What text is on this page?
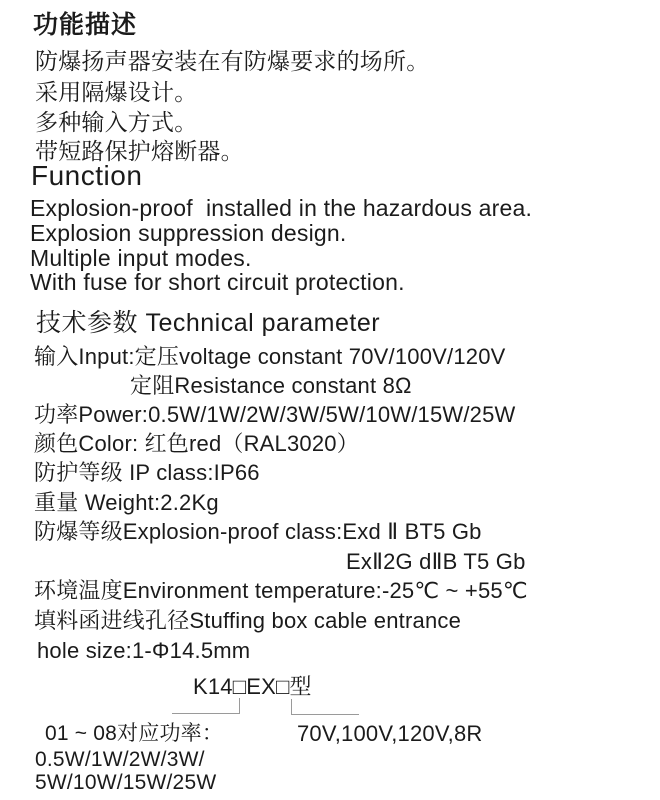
功能描述
防爆扬声器安装在有防爆要求的场所。
采用隔爆设计。
多种输入方式。
带短路保护熔断器。
Function
Explosion-proof  installed in the hazardous area.
Explosion suppression design.
Multiple input modes.
With fuse for short circuit protection.
技术参数 Technical parameter
输入Input:定压voltage constant 70V/100V/120V
定阻Resistance constant 8Ω
功率Power:0.5W/1W/2W/3W/5W/10W/15W/25W
颜色Color: 红色red（RAL3020）
防护等级 IP class:IP66
重量 Weight:2.2Kg
防爆等级Explosion-proof class:Exd Ⅱ BT5 Gb
ExⅡ2G dⅡB T5 Gb
环境温度Environment temperature:-25℃ ~ +55℃
填料函进线孔径Stuffing box cable entrance
hole size:1-Φ14.5mm
K14□EX□型
01 ~ 08对应功率：	70V,100V,120V,8R
0.5W/1W/2W/3W/
5W/10W/15W/25W
